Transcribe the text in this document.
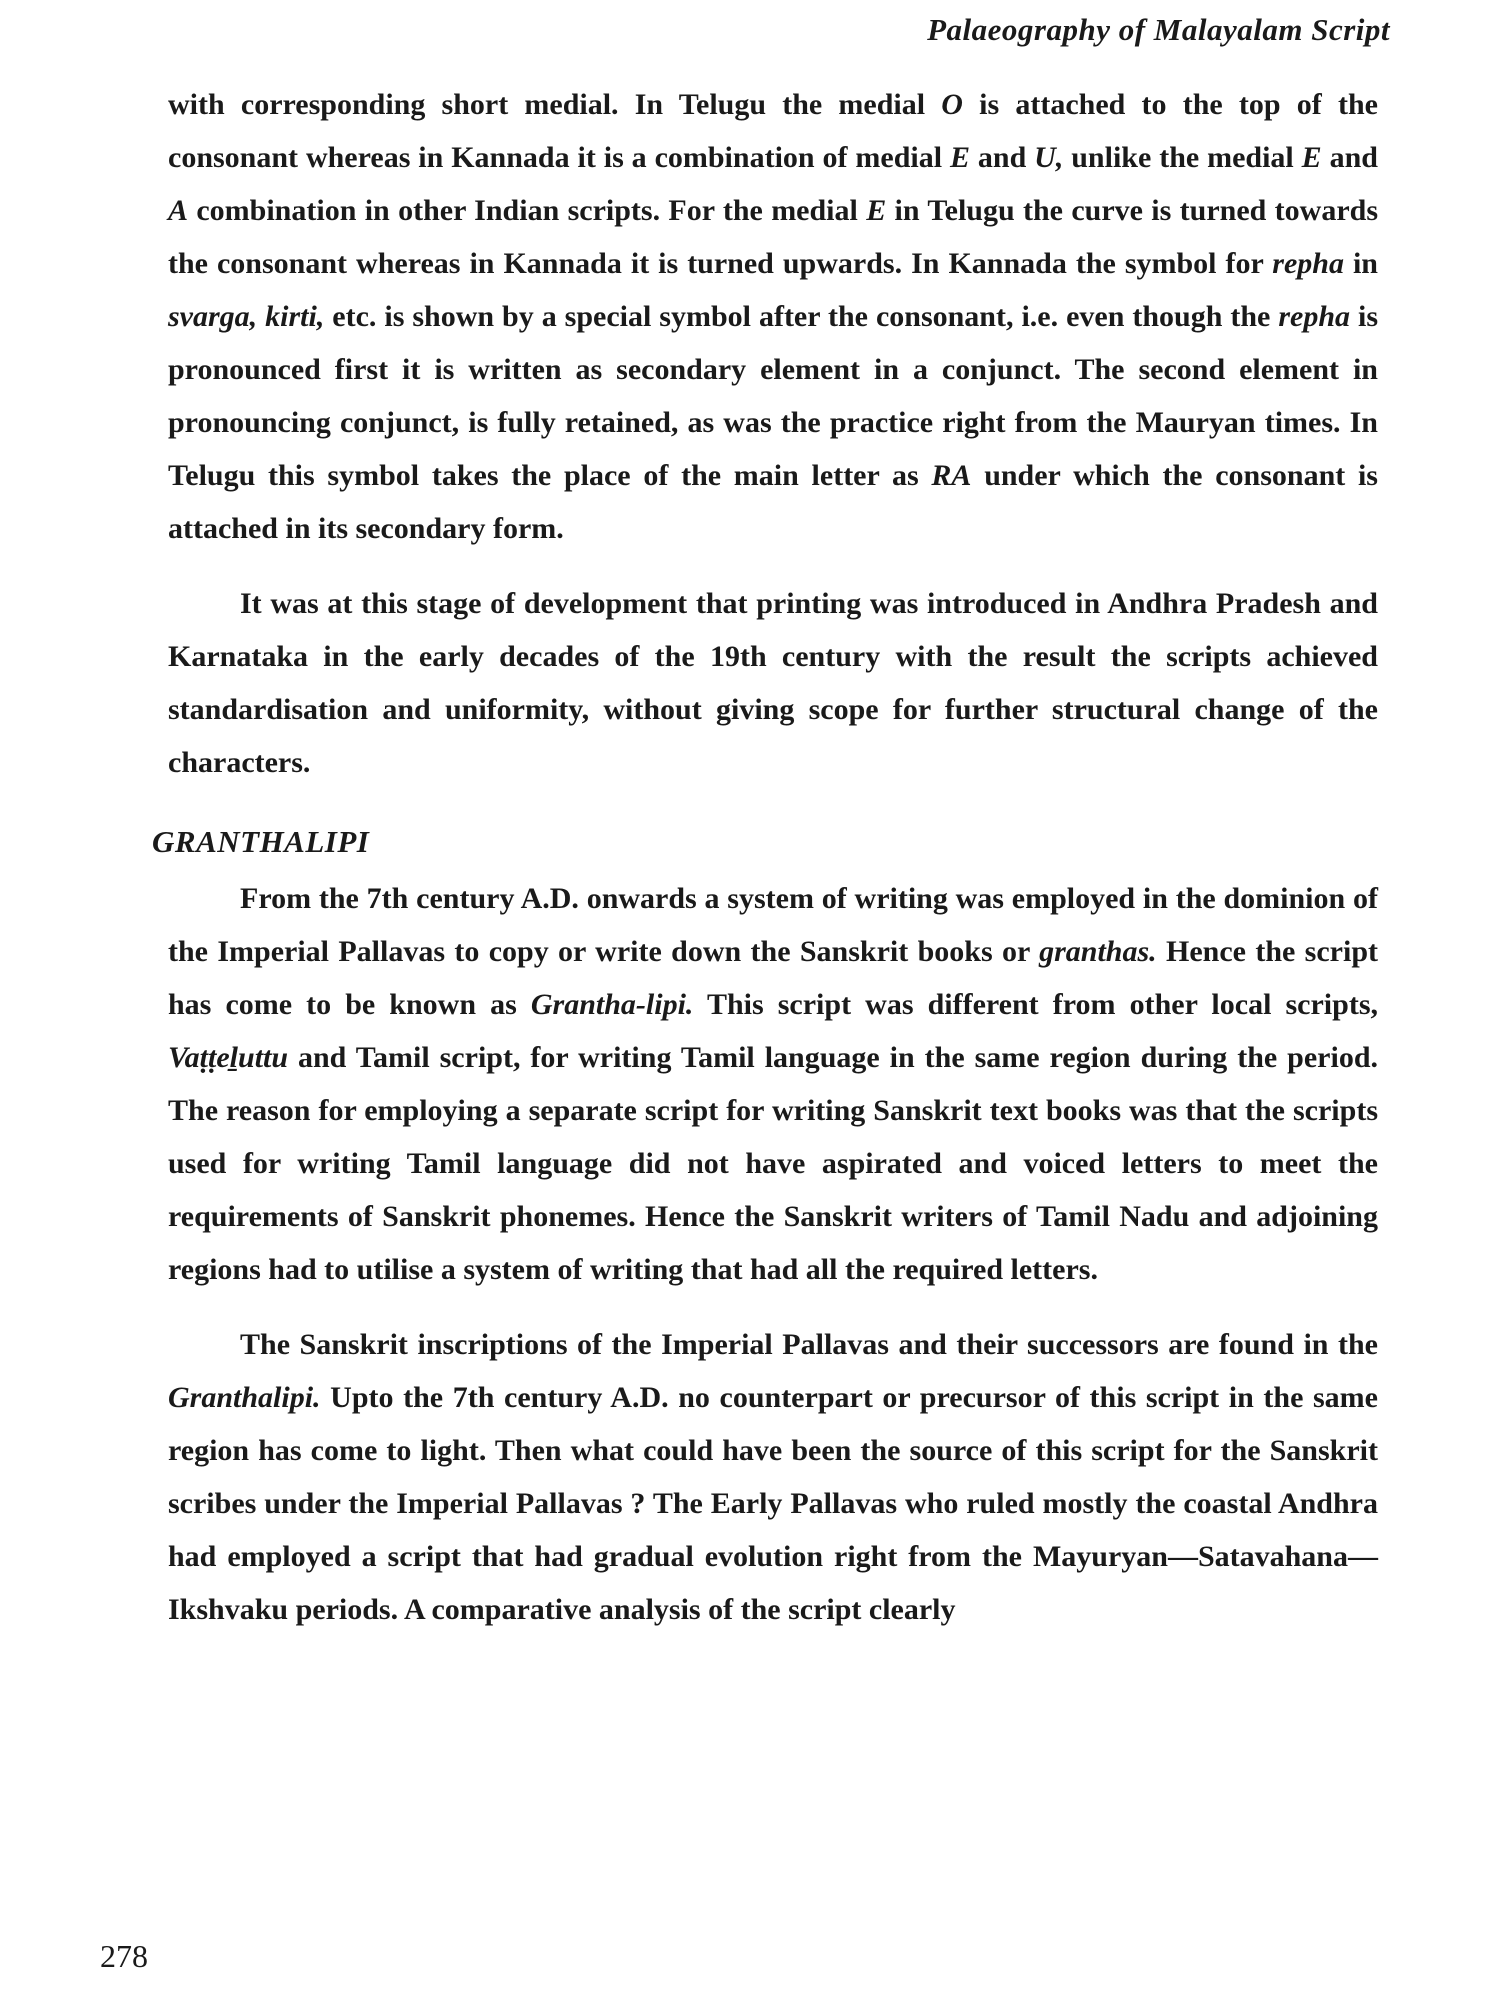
Palaeography of Malayalam Script

with corresponding short medial. In Telugu the medial O is attached to the top of the consonant whereas in Kannada it is a combination of medial E and U, unlike the medial E and A combination in other Indian scripts. For the medial E in Telugu the curve is turned towards the consonant whereas in Kannada it is turned upwards. In Kannada the symbol for repha in svarga, kirti, etc. is shown by a special symbol after the consonant, i.e. even though the repha is pronounced first it is written as secondary element in a conjunct. The second element in pronouncing conjunct, is fully retained, as was the practice right from the Mauryan times. In Telugu this symbol takes the place of the main letter as RA under which the consonant is attached in its secondary form.

It was at this stage of development that printing was introduced in Andhra Pradesh and Karnataka in the early decades of the 19th century with the result the scripts achieved standardisation and uniformity, without giving scope for further structural change of the characters.

GRANTHALIPI

From the 7th century A.D. onwards a system of writing was employed in the dominion of the Imperial Pallavas to copy or write down the Sanskrit books or granthas. Hence the script has come to be known as Grantha-lipi. This script was different from other local scripts, Vaṭṭeḻuttu and Tamil script, for writing Tamil language in the same region during the period. The reason for employing a separate script for writing Sanskrit text books was that the scripts used for writing Tamil language did not have aspirated and voiced letters to meet the requirements of Sanskrit phonemes. Hence the Sanskrit writers of Tamil Nadu and adjoining regions had to utilise a system of writing that had all the required letters.

The Sanskrit inscriptions of the Imperial Pallavas and their successors are found in the Granthalipi. Upto the 7th century A.D. no counterpart or precursor of this script in the same region has come to light. Then what could have been the source of this script for the Sanskrit scribes under the Imperial Pallavas ? The Early Pallavas who ruled mostly the coastal Andhra had employed a script that had gradual evolution right from the Mayuryan—Satavahana—Ikshvaku periods. A comparative analysis of the script clearly

278
